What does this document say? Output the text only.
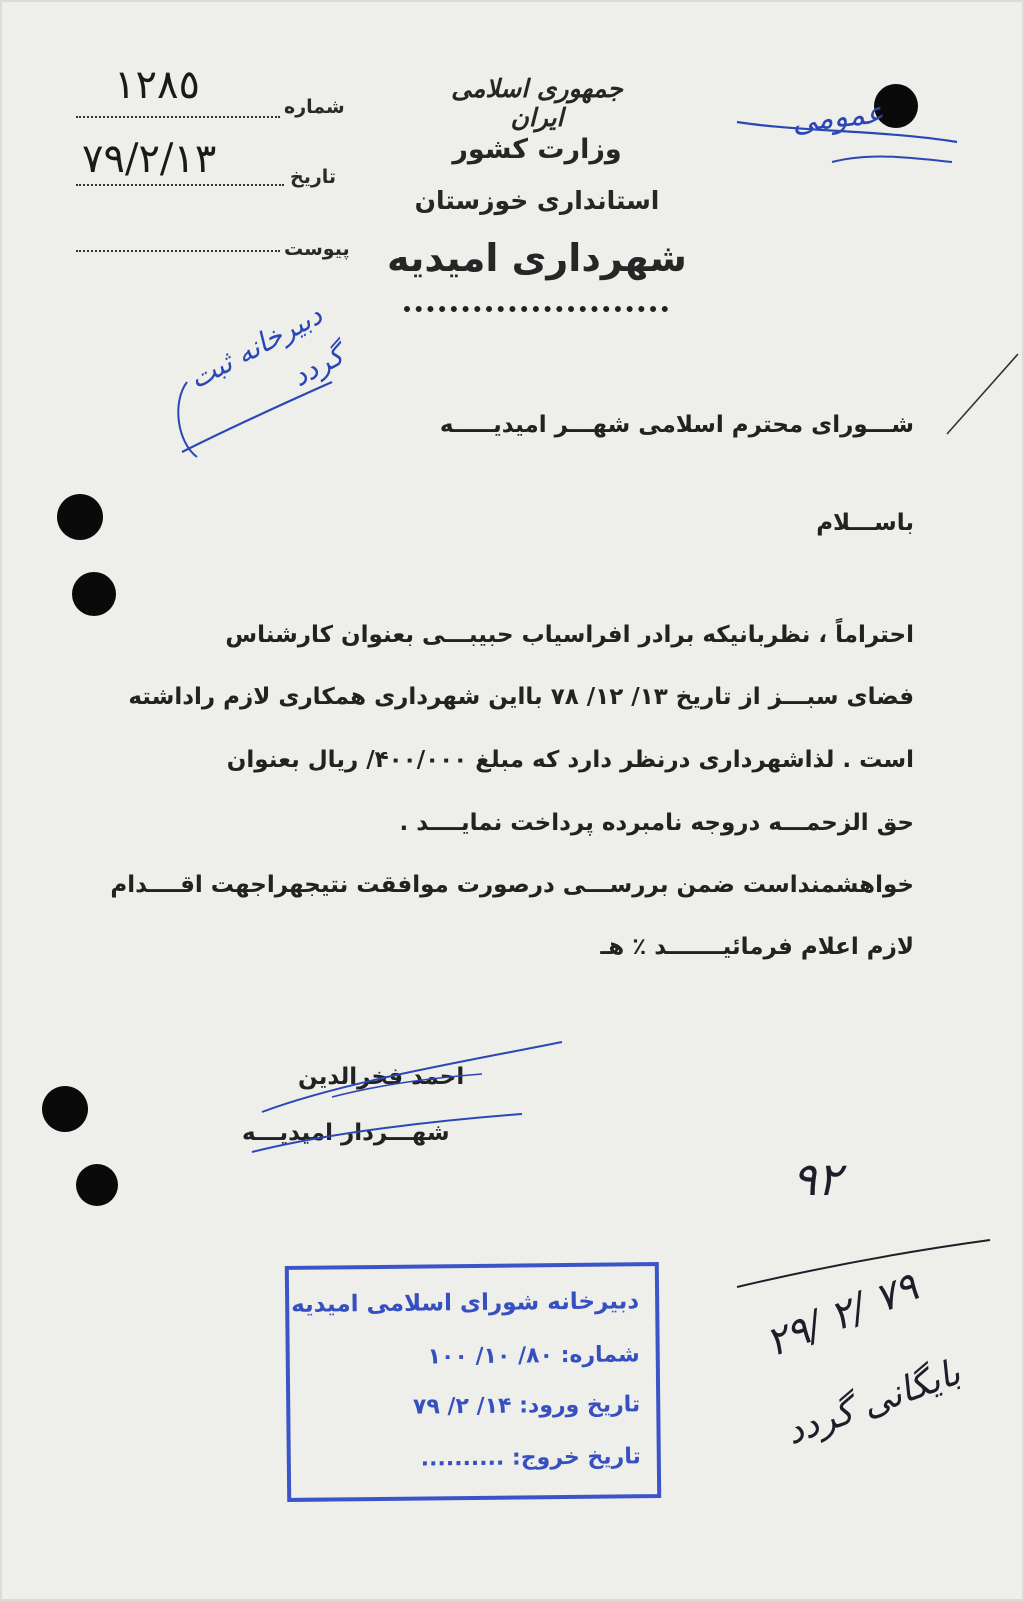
جمهوری اسلامی ایران
وزارت کشور
استانداری خوزستان
شهرداری امیدیه
شماره
١٢٨٥
تاریخ
٧٩/٢/١٣
پیوست
عمومی
دبیرخانه ثبت گردد
شـــورای محترم اسلامی شهـــر امیدیـــــه
باســـلام
احتراماً ، نظربانیکه برادر افراسیاب حبیبـــی بعنوان کارشناس
فضای سبـــز از تاریخ ۱۳/ ۱۲/ ۷۸ بااین شهرداری همکاری لازم راداشته
است . لذاشهرداری درنظر دارد که مبلغ ۴۰۰/۰۰۰/ ریال بعنوان
حق الزحمـــه دروجه نامبرده پرداخت نمایــــد .
خواهشمنداست ضمن بررســـی درصورت موافقت نتیجهراجهت اقــــدام
لازم اعلام فرمائیـــــــد ٪ هـ
احمد فخرالدین
شهـــردار امیدیـــه
۹۲
۲۹/ ۲/ ۷۹
بایگانی گردد
دبیرخانه شورای اسلامی امیدیه
شماره: ۸۰/ ۱۰/ ۱۰۰
تاریخ ورود: ۱۴/ ۲/ ۷۹
تاریخ خروج: ..........
